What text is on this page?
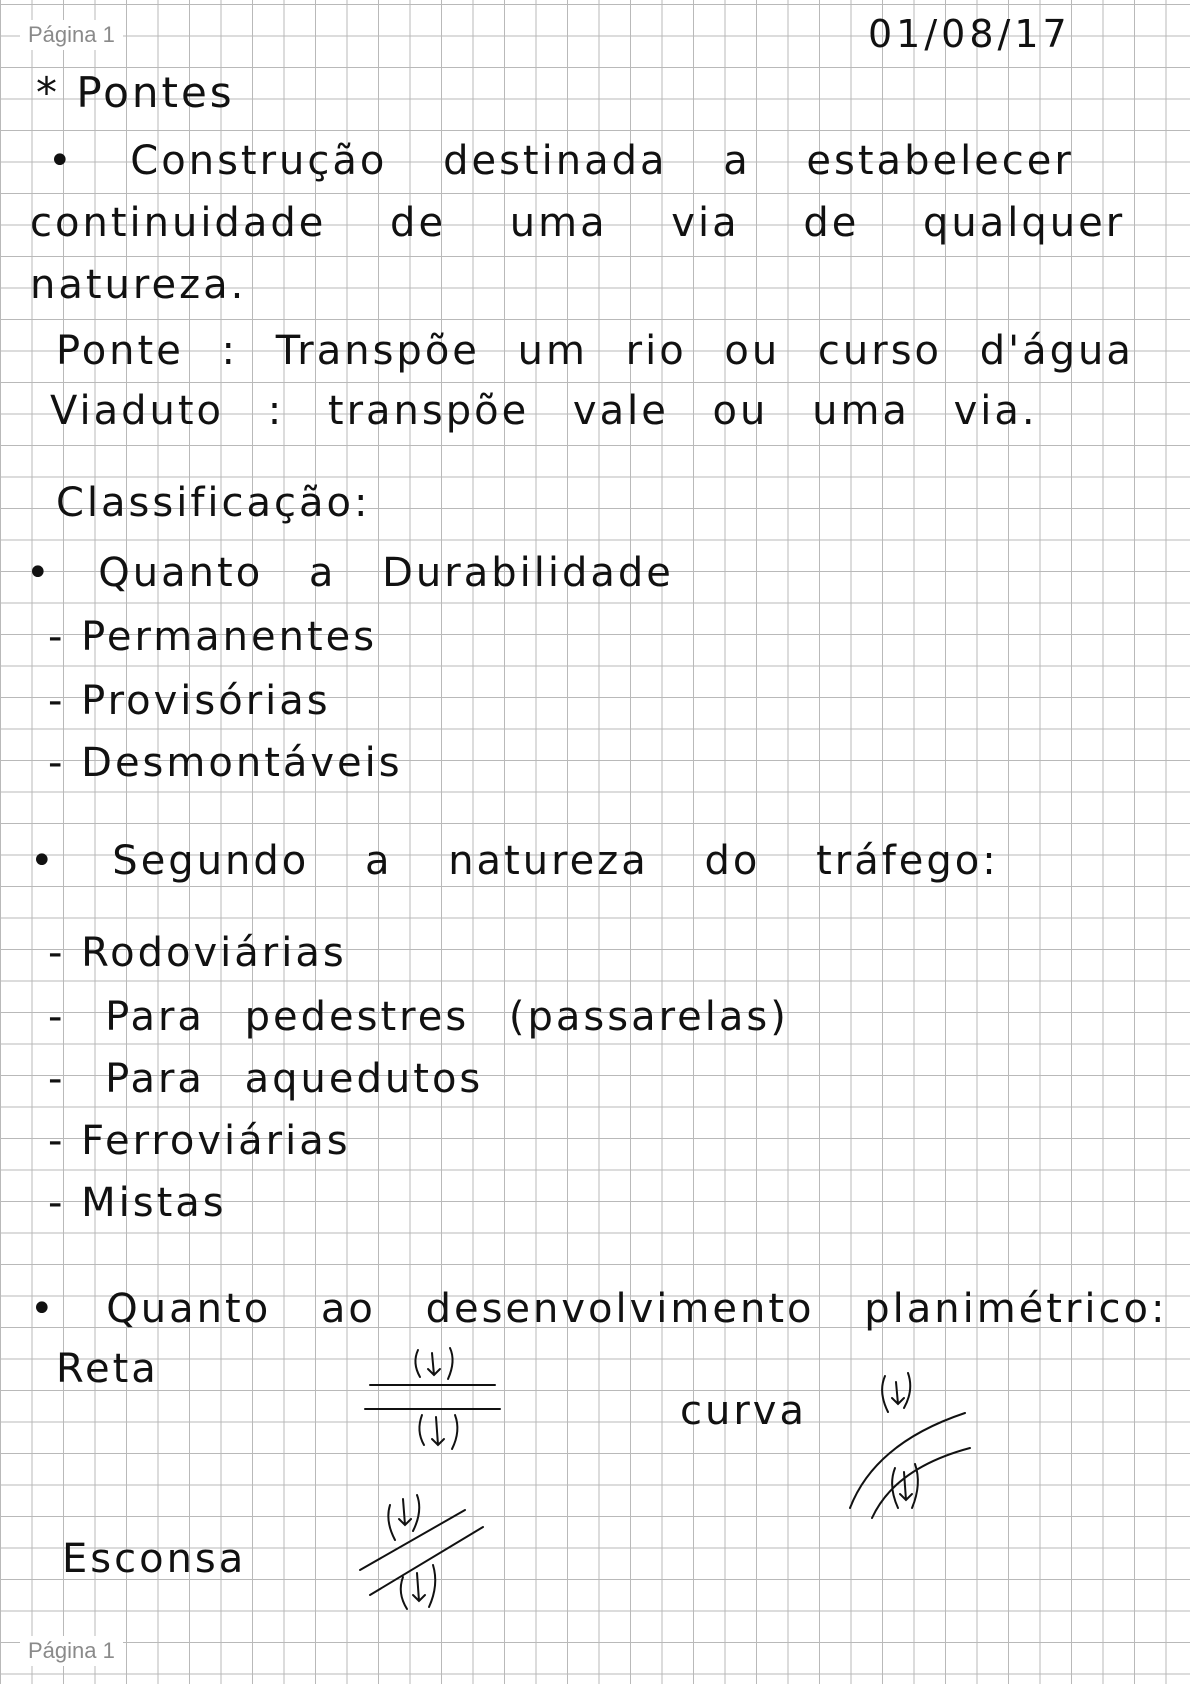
Página 1	01/08/17
* Pontes
• Construção destinada a estabelecer
continuidade de uma via de qualquer
natureza.
Ponte : Transpõe um rio ou curso d'água
Viaduto : transpõe vale ou uma via.
Classificação:
• Quanto a Durabilidade
- Permanentes
- Provisórias
- Desmontáveis
• Segundo a natureza do tráfego:
- Rodoviárias
- Para pedestres (passarelas)
- Para aquedutos
- Ferroviárias
- Mistas
• Quanto ao desenvolvimento planimétrico:
Reta
curva
Esconsa
Página 1
